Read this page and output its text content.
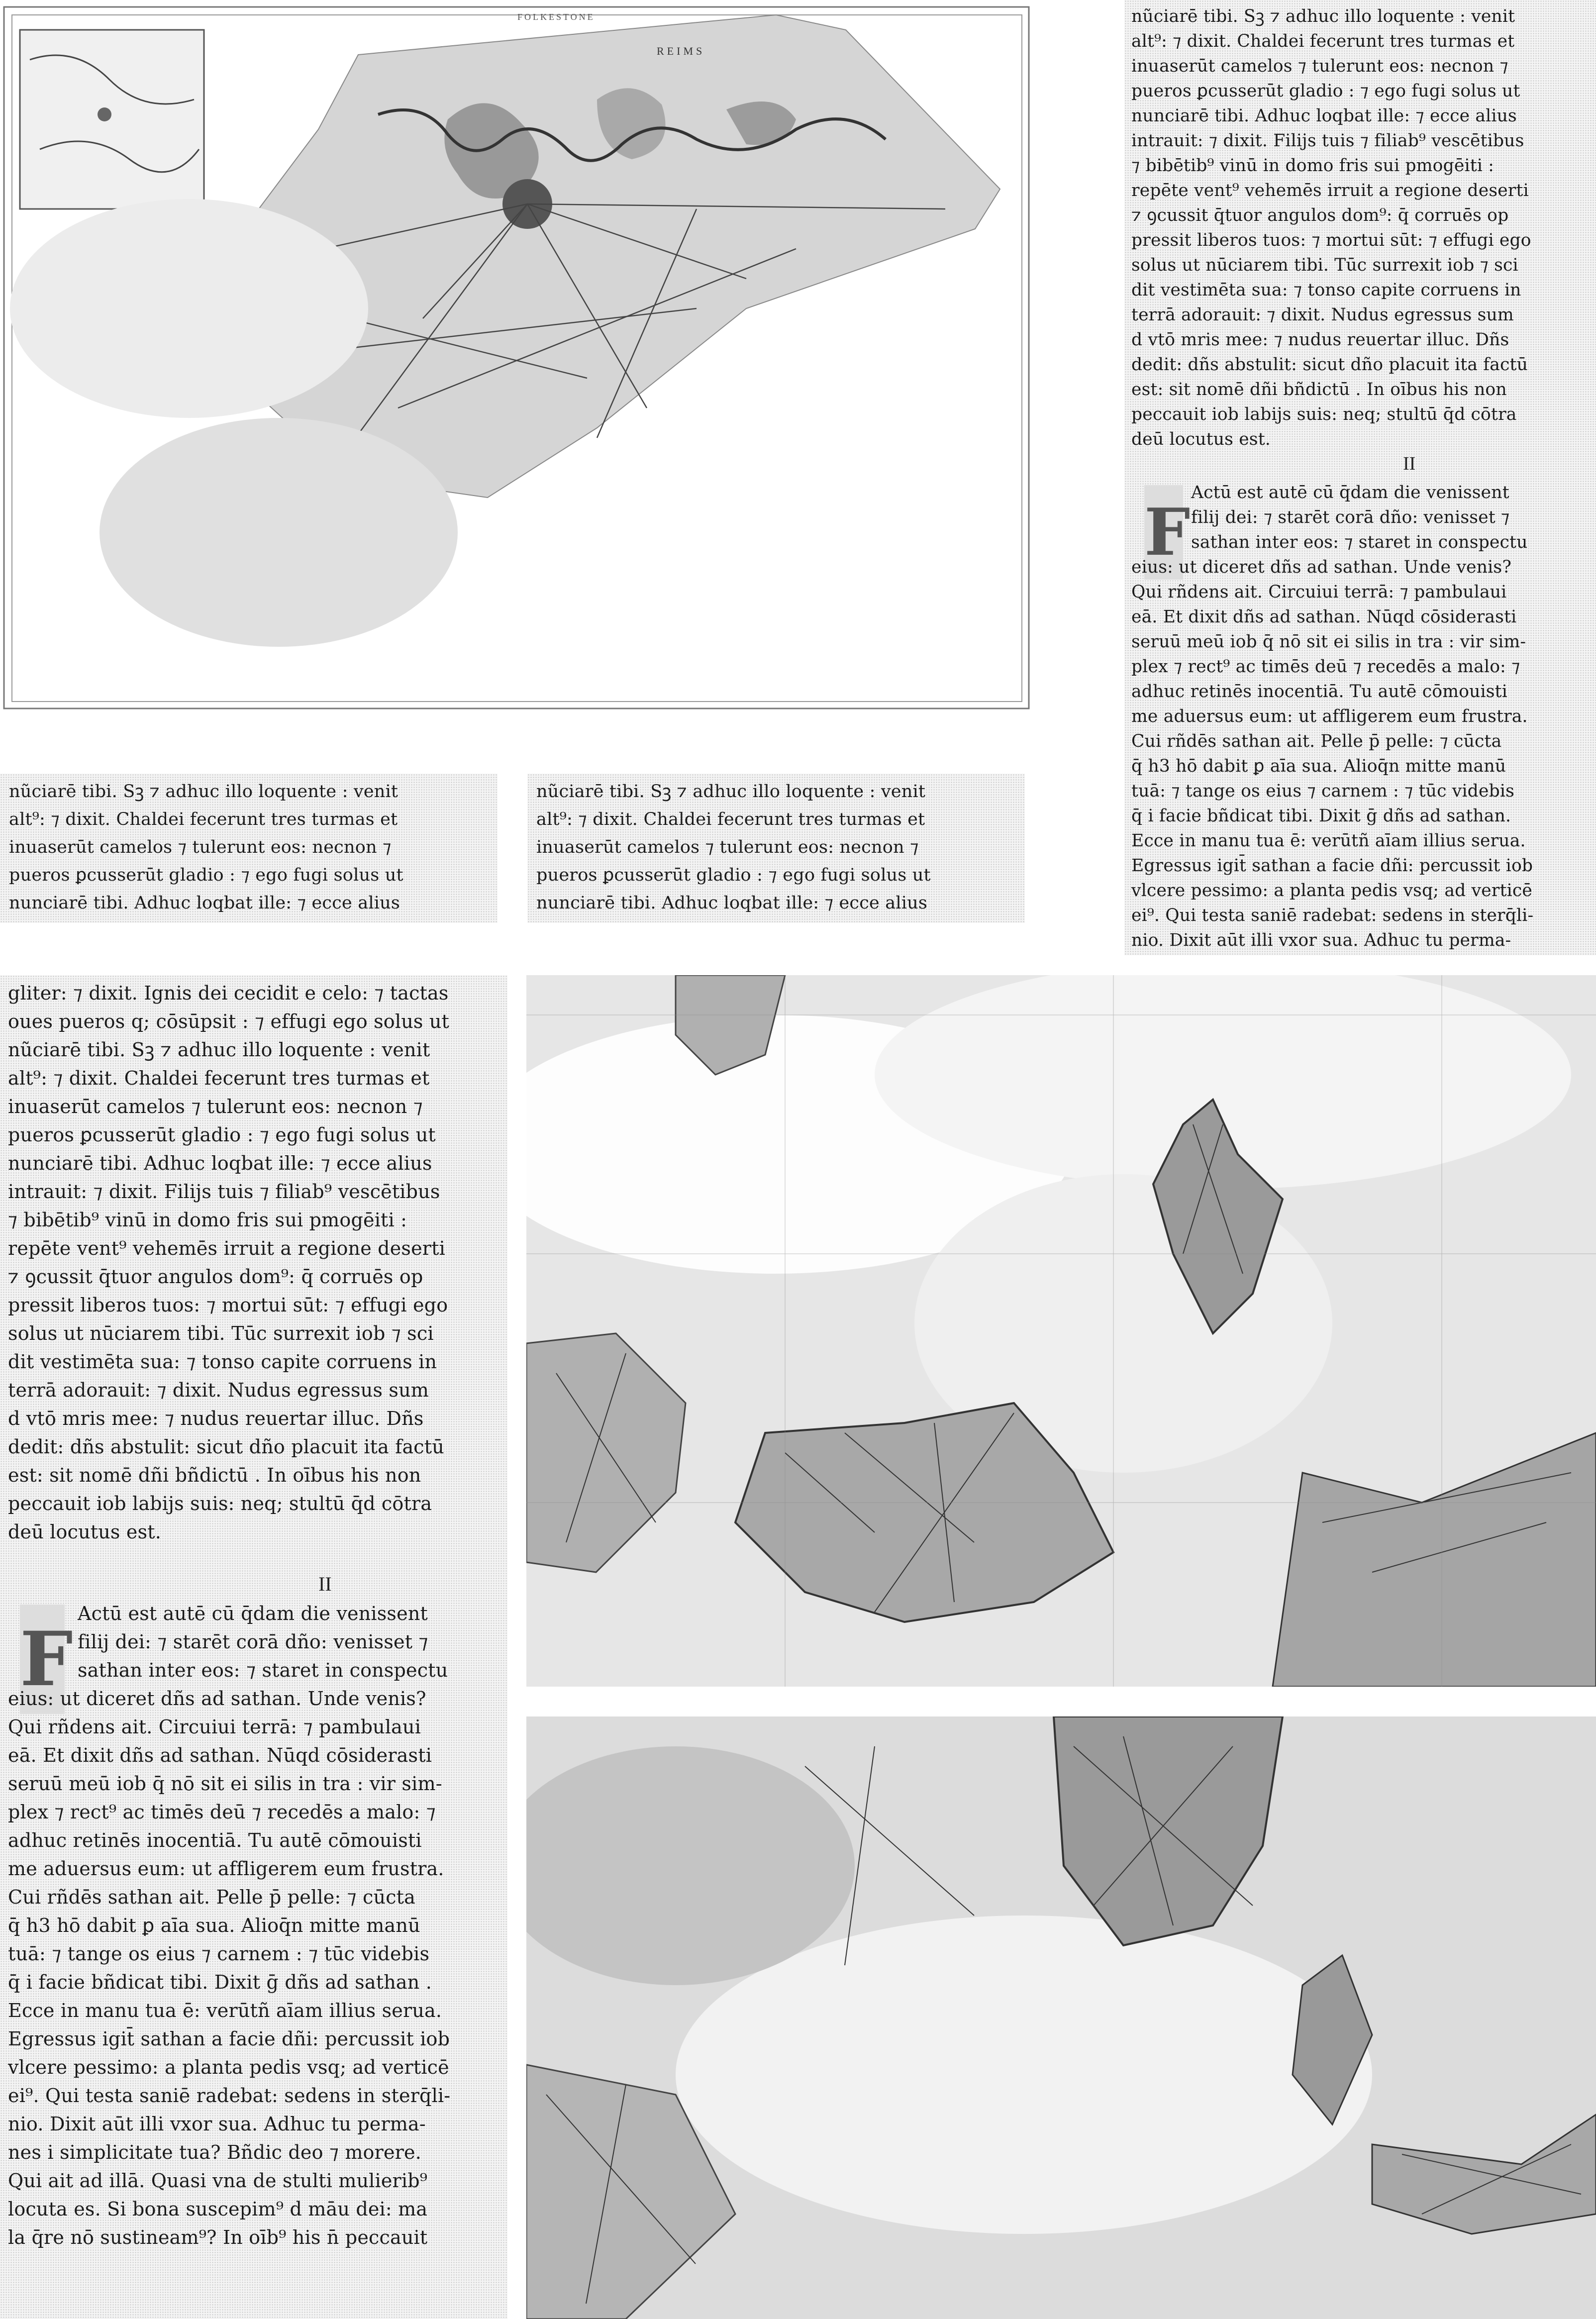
REIMS
FOLKESTONE	nũciarē tibi. Sꝫ ⁊ adhuc illo loquente : venit
alt⁹: ⁊ dixit. Chaldei fecerunt tres turmas et
inuaserūt camelos ⁊ tulerunt eos: necnon ⁊
pueros ꝑcusserūt gladio : ⁊ ego fugi solus ut
nunciarē tibi. Adhuc loqbat ille: ⁊ ecce alius
intrauit: ⁊ dixit. Filijs tuis ⁊ filiab⁹ vescētibus
⁊ bibētib⁹ vinū in domo fris sui pmogēiti :
repēte vent⁹ vehemēs irruit a regione deserti
⁊ ꝯcussit q̄tuor angulos dom⁹: q̄ corruēs op
pressit liberos tuos: ⁊ mortui sūt: ⁊ effugi ego
solus ut nūciarem tibi. Tūc surrexit iob ⁊ sci
dit vestimēta sua: ⁊ tonso capite corruens in
terrā adorauit: ⁊ dixit. Nudus egressus sum
d vtō mris mee: ⁊ nudus reuertar illuc. Dñs
dedit: dñs abstulit: sicut dño placuit ita factū
est: sit nomē dñi bñdictū . In oībus his non
peccauit iob labijs suis: neq; stultū q̄d cōtra
deū locutus est.
II
F
Actū est autē cū q̄dam die venissent
filij dei: ⁊ starēt corā dño: venisset ⁊
sathan inter eos: ⁊ staret in conspectu
eius: ut diceret dñs ad sathan. Unde venis?
Qui rñdens ait. Circuiui terrā: ⁊ pambulaui
eā. Et dixit dñs ad sathan. Nūqd cōsiderasti
seruū meū iob q̄ nō sit ei silis in tra : vir sim-
plex ⁊ rect⁹ ac timēs deū ⁊ recedēs a malo: ⁊
adhuc retinēs inocentiā. Tu autē cōmouisti
me aduersus eum: ut affligerem eum frustra.
Cui rñdēs sathan ait. Pelle p̄ pelle: ⁊ cūcta
q̄ h3 hō dabit ꝑ aīa sua. Alioq̄n mitte manū
tuā: ⁊ tange os eius ⁊ carnem : ⁊ tūc videbis
q̄ i facie bñdicat tibi. Dixit ḡ dñs ad sathan.
Ecce in manu tua ē: verūtñ aīam illius serua.
Egressus igit̄ sathan a facie dñi: percussit iob
vlcere pessimo: a planta pedis vsq; ad verticē
ei⁹. Qui testa saniē radebat: sedens in sterq̄li-
nio. Dixit aūt illi vxor sua. Adhuc tu perma-
nũciarē tibi. Sꝫ ⁊ adhuc illo loquente : venit
alt⁹: ⁊ dixit. Chaldei fecerunt tres turmas et
inuaserūt camelos ⁊ tulerunt eos: necnon ⁊
pueros ꝑcusserūt gladio : ⁊ ego fugi solus ut
nunciarē tibi. Adhuc loqbat ille: ⁊ ecce alius
nũciarē tibi. Sꝫ ⁊ adhuc illo loquente : venit
alt⁹: ⁊ dixit. Chaldei fecerunt tres turmas et
inuaserūt camelos ⁊ tulerunt eos: necnon ⁊
pueros ꝑcusserūt gladio : ⁊ ego fugi solus ut
nunciarē tibi. Adhuc loqbat ille: ⁊ ecce alius
gliter: ⁊ dixit. Ignis dei cecidit e celo: ⁊ tactas
oues pueros q; cōsūpsit : ⁊ effugi ego solus ut
nũciarē tibi. Sꝫ ⁊ adhuc illo loquente : venit
alt⁹: ⁊ dixit. Chaldei fecerunt tres turmas et
inuaserūt camelos ⁊ tulerunt eos: necnon ⁊
pueros ꝑcusserūt gladio : ⁊ ego fugi solus ut
nunciarē tibi. Adhuc loqbat ille: ⁊ ecce alius
intrauit: ⁊ dixit. Filijs tuis ⁊ filiab⁹ vescētibus
⁊ bibētib⁹ vinū in domo fris sui pmogēiti :
repēte vent⁹ vehemēs irruit a regione deserti
⁊ ꝯcussit q̄tuor angulos dom⁹: q̄ corruēs op
pressit liberos tuos: ⁊ mortui sūt: ⁊ effugi ego
solus ut nūciarem tibi. Tūc surrexit iob ⁊ sci
dit vestimēta sua: ⁊ tonso capite corruens in
terrā adorauit: ⁊ dixit. Nudus egressus sum
d vtō mris mee: ⁊ nudus reuertar illuc. Dñs
dedit: dñs abstulit: sicut dño placuit ita factū
est: sit nomē dñi bñdictū . In oībus his non
peccauit iob labijs suis: neq; stultū q̄d cōtra
deū locutus est.
II
F
Actū est autē cū q̄dam die venissent
filij dei: ⁊ starēt corā dño: venisset ⁊
sathan inter eos: ⁊ staret in conspectu
eius: ut diceret dñs ad sathan. Unde venis?
Qui rñdens ait. Circuiui terrā: ⁊ pambulaui
eā. Et dixit dñs ad sathan. Nūqd cōsiderasti
seruū meū iob q̄ nō sit ei silis in tra : vir sim-
plex ⁊ rect⁹ ac timēs deū ⁊ recedēs a malo: ⁊
adhuc retinēs inocentiā. Tu autē cōmouisti
me aduersus eum: ut affligerem eum frustra.
Cui rñdēs sathan ait. Pelle p̄ pelle: ⁊ cūcta
q̄ h3 hō dabit ꝑ aīa sua. Alioq̄n mitte manū
tuā: ⁊ tange os eius ⁊ carnem : ⁊ tūc videbis
q̄ i facie bñdicat tibi. Dixit ḡ dñs ad sathan .
Ecce in manu tua ē: verūtñ aīam illius serua.
Egressus igit̄ sathan a facie dñi: percussit iob
vlcere pessimo: a planta pedis vsq; ad verticē
ei⁹. Qui testa saniē radebat: sedens in sterq̄li-
nio. Dixit aūt illi vxor sua. Adhuc tu perma-
nes i simplicitate tua? Bñdic deo ⁊ morere.
Qui ait ad illā. Quasi vna de stulti mulierib⁹
locuta es. Si bona suscepim⁹ d māu dei: ma
la q̄re nō sustineam⁹? In oīb⁹ his n̄ peccauit
